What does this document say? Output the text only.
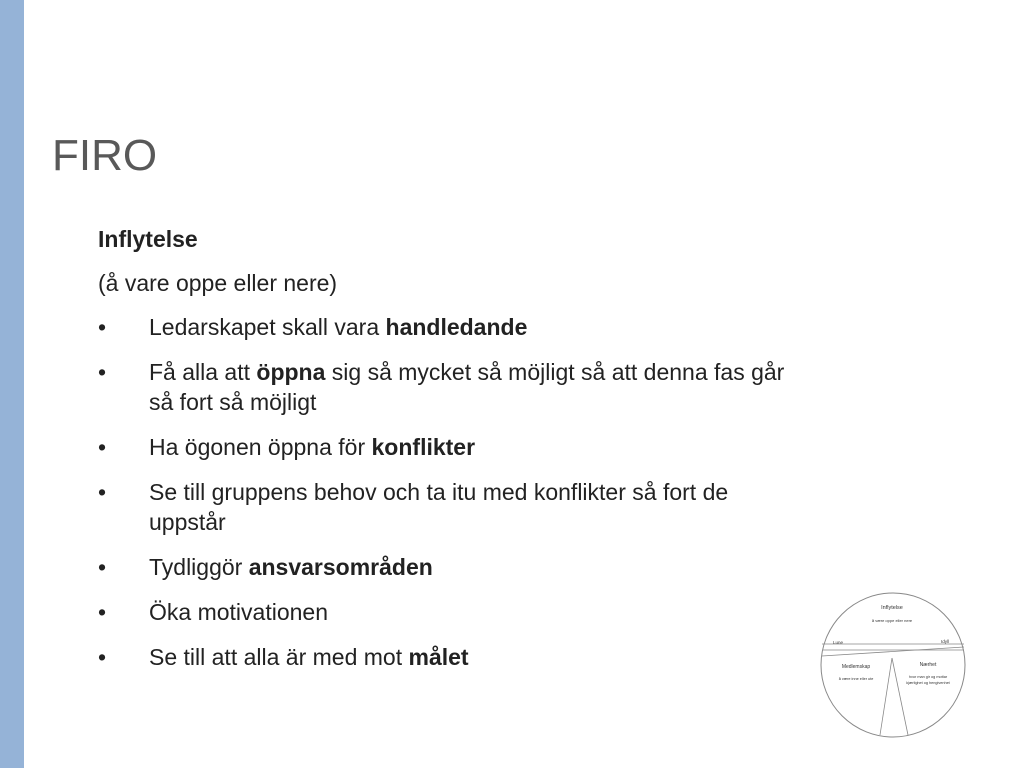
FIRO

Inflytelse

(å vare oppe eller nere)

• Ledarskapet skall vara handledande
• Få alla att öppna sig så mycket så möjligt så att denna fas går så fort så möjligt
• Ha ögonen öppna för konflikter
• Se till gruppens behov och ta itu med konflikter så fort de uppstår
• Tydliggör ansvarsområden
• Öka motivationen
• Se till att alla är med mot målet
Inflytelse
å være oppe eller nere
Idyll
Lune
Medlemskap
å være inne eller ute
Nærhet
hvor man gir og mottar
kjærlighet og hengivenhet
